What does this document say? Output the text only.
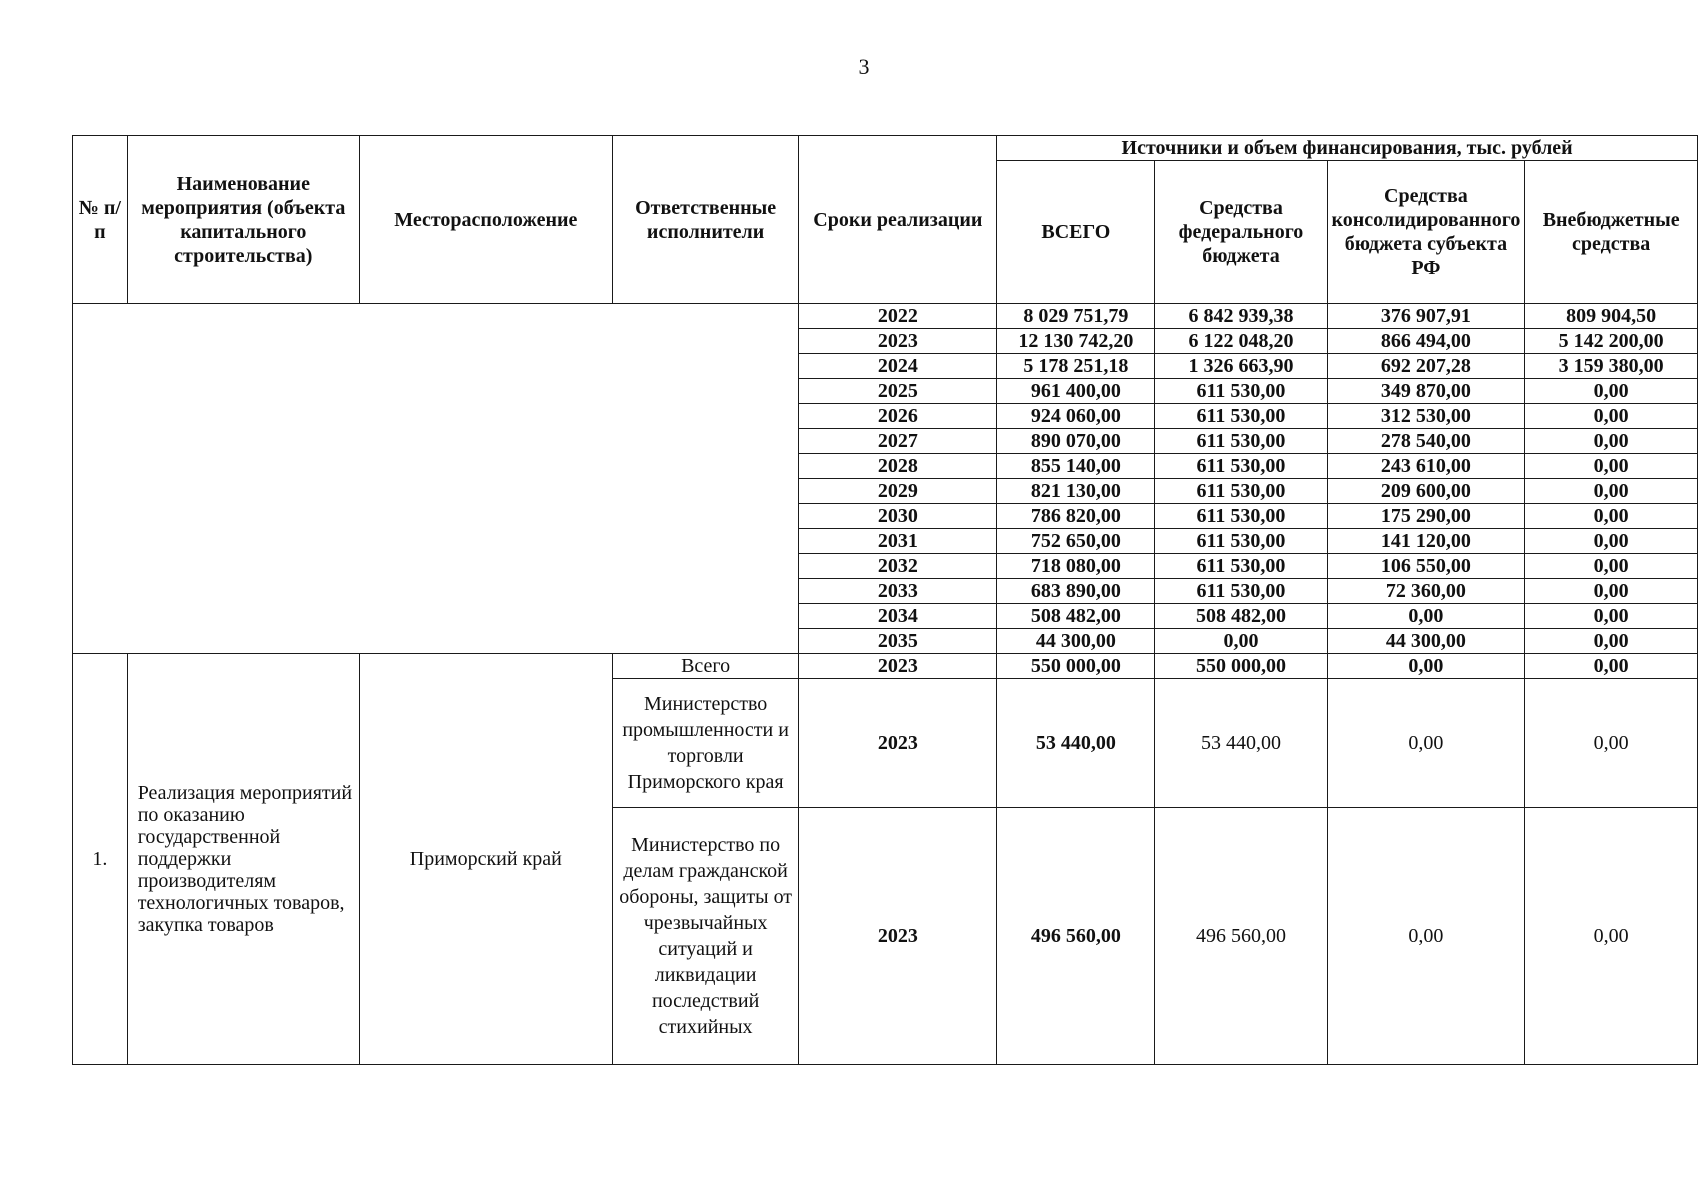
3
№ п/п	Наименование мероприятия (объекта капитального строительства)	Месторасположение	Ответственные исполнители	Сроки реализации	Источники и объем финансирования, тыс. рублей			
					ВСЕГО	Средства федерального бюджета	Средства консолидированного бюджета субъекта РФ	Внебюджетные средства
				2022	8 029 751,79	6 842 939,38	376 907,91	809 904,50
				2023	12 130 742,20	6 122 048,20	866 494,00	5 142 200,00
				2024	5 178 251,18	1 326 663,90	692 207,28	3 159 380,00
				2025	961 400,00	611 530,00	349 870,00	0,00
				2026	924 060,00	611 530,00	312 530,00	0,00
				2027	890 070,00	611 530,00	278 540,00	0,00
				2028	855 140,00	611 530,00	243 610,00	0,00
				2029	821 130,00	611 530,00	209 600,00	0,00
				2030	786 820,00	611 530,00	175 290,00	0,00
				2031	752 650,00	611 530,00	141 120,00	0,00
				2032	718 080,00	611 530,00	106 550,00	0,00
				2033	683 890,00	611 530,00	72 360,00	0,00
				2034	508 482,00	508 482,00	0,00	0,00
				2035	44 300,00	0,00	44 300,00	0,00
1.	Реализация мероприятий по оказанию государственной поддержки производителям технологичных товаров, закупка товаров	Приморский край	Всего	2023	550 000,00	550 000,00	0,00	0,00
			Министерство промышленности и торговли Приморского края	2023	53 440,00	53 440,00	0,00	0,00
			Министерство по делам гражданской обороны, защиты от чрезвычайных ситуаций и ликвидации последствий стихийных	2023	496 560,00	496 560,00	0,00	0,00
